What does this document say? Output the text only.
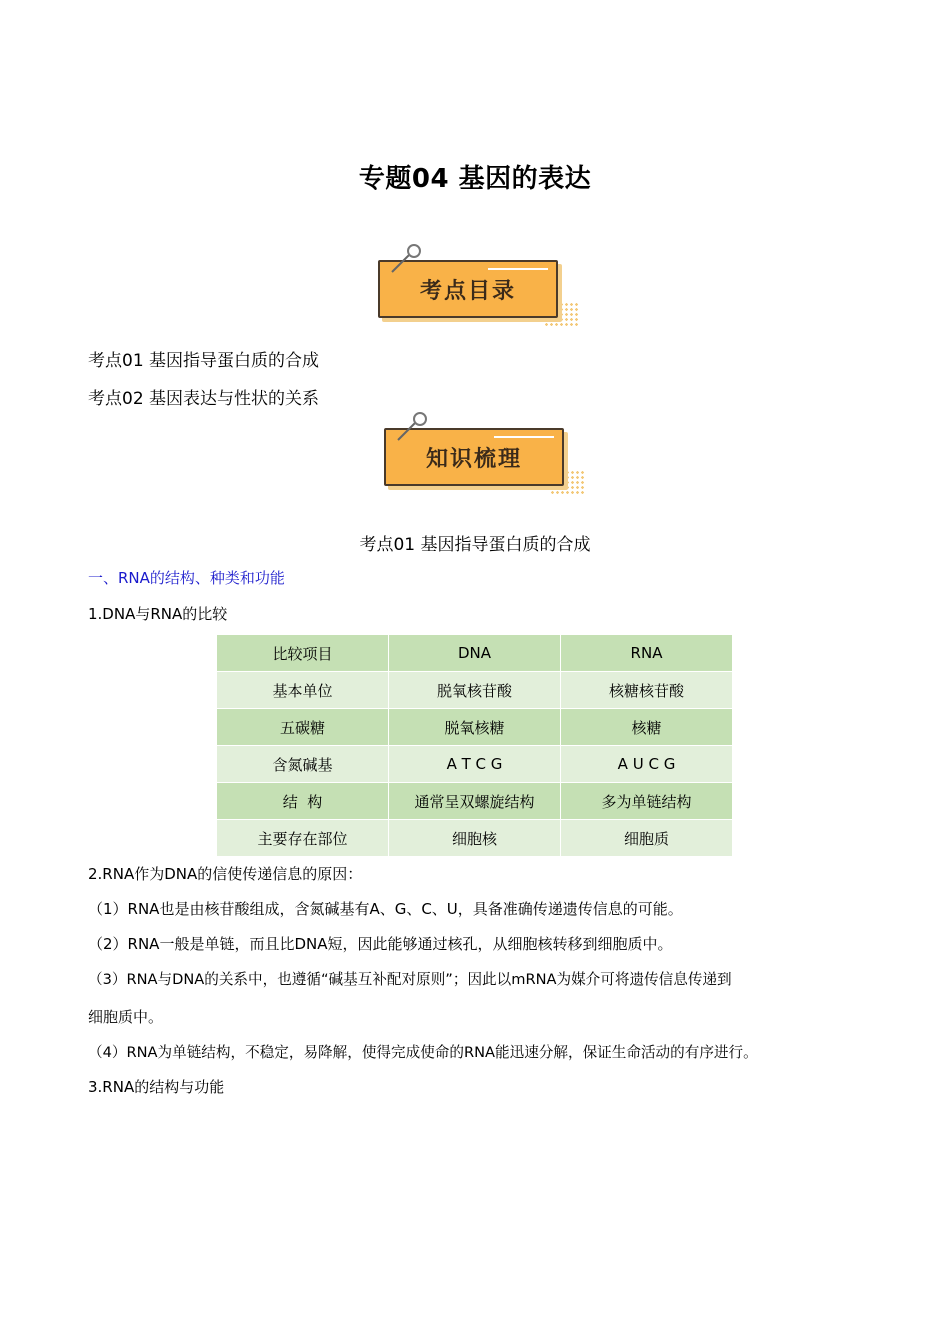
专题04 基因的表达
考点目录
考点01 基因指导蛋白质的合成
考点02 基因表达与性状的关系
知识梳理
考点01 基因指导蛋白质的合成
一、RNA的结构、种类和功能
1.DNA与RNA的比较
比较项目	DNA	RNA
基本单位	脱氧核苷酸	核糖核苷酸
五碳糖	脱氧核糖	核糖
含氮碱基	A T C G	A U C G
结  构	通常呈双螺旋结构	多为单链结构
主要存在部位	细胞核	细胞质
2.RNA作为DNA的信使传递信息的原因：
（1）RNA也是由核苷酸组成，含氮碱基有A、G、C、U，具备准确传递遗传信息的可能。
（2）RNA一般是单链，而且比DNA短，因此能够通过核孔，从细胞核转移到细胞质中。
（3）RNA与DNA的关系中，也遵循“碱基互补配对原则”；因此以mRNA为媒介可将遗传信息传递到
细胞质中。
（4）RNA为单链结构，不稳定，易降解，使得完成使命的RNA能迅速分解，保证生命活动的有序进行。
3.RNA的结构与功能
